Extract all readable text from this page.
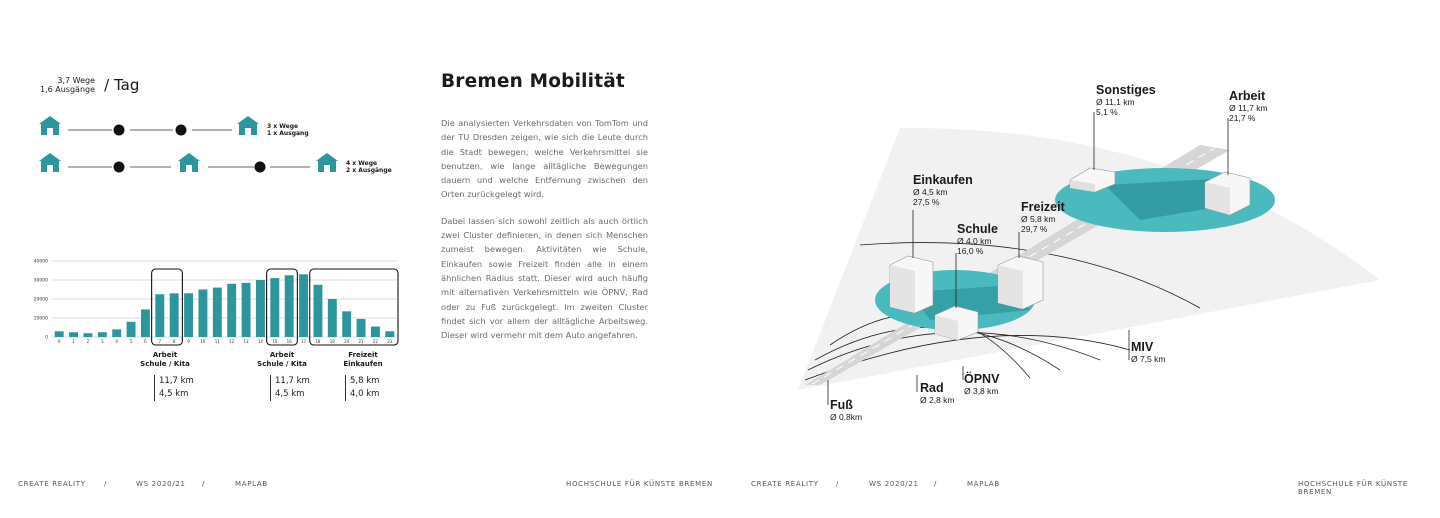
3,7 Wege
1,6 Ausgänge / Tag
3 x Wege
1 x Ausgang
4 x Wege
2 x Ausgänge
0
10000
20000
30000
40000
0	1	2	3	4	5	6	7	8	9	10 11 12 13 14 15 16 17 18 19 20 21 22 23
Arbeit
Schule / Kita
11,7 km
4,5 km
Arbeit
Schule / Kita
11,7 km
4,5 km
Freizeit
Einkaufen
5,8 km
4,0 km
Bremen Mobilität

Die analysierten Verkehrsdaten von TomTom und der TU Dresden zeigen, wie sich die Leute durch die Stadt bewegen, welche Verkehrsmittel sie benutzen, wie lange alltägliche Bewegungen dauern und welche Entfernung zwischen den Orten zurückgelegt wird.

Dabei lassen sich sowohl zeitlich als auch örtlich zwei Cluster definieren, in denen sich Menschen zumeist bewegen. Aktivitäten wie Schule, Einkaufen sowie Freizeit finden alle in einem ähnlichen Radius statt. Dieser wird auch häufig mit alternativen Verkehrsmitteln wie ÖPNV, Rad oder zu Fuß zurückgelegt. Im zweiten Cluster findet sich vor allem der alltägliche Arbeitsweg. Dieser wird vermehr mit dem Auto angefahren.

Sonstiges
Ø 11,1 km
5,1 %
Arbeit
Ø 11,7 km
21,7 %
Einkaufen
Ø 4,5 km
27,5 %	Freizeit
Ø 5,8 km
29,7 %
Schule
Ø 4,0 km
16,0 %
MIV
Ø 7,5 km
ÖPNV
Ø 3,8 km
Rad
Ø 2,8 km
Fuß
Ø 0,8km
CREATE REALITY	/	WS 2020/21 /	MAPLAB	HOCHSCHULE FÜR KÜNSTE BREMEN	CREATE REALITY /	WS 2020/21 /	MAPLAB	HOCHSCHULE FÜR KÜNSTE BREMEN
